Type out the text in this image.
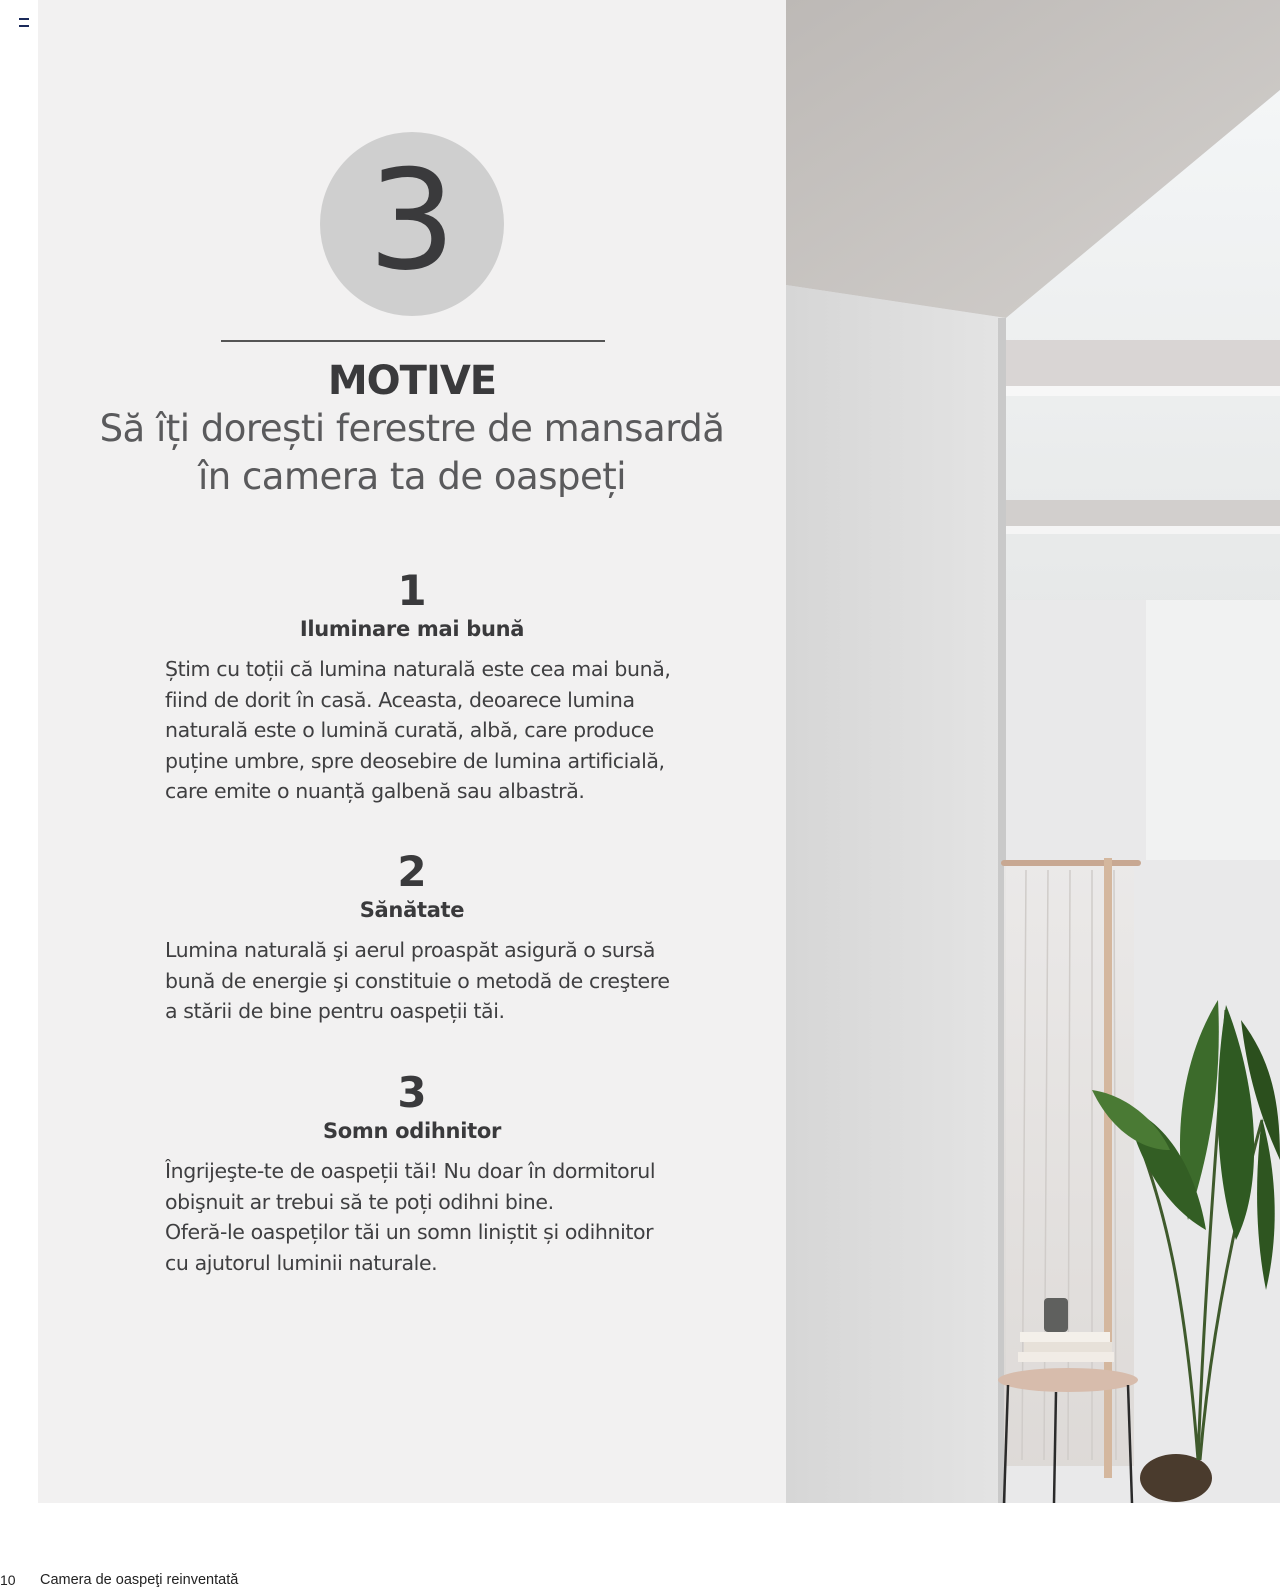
3
MOTIVE
Să îți dorești ferestre de mansardă
în camera ta de oaspeți
1
Iluminare mai bună
Știm cu toții că lumina naturală este cea mai bună,
fiind de dorit în casă. Aceasta, deoarece lumina
naturală este o lumină curată, albă, care produce
puține umbre, spre deosebire de lumina artificială,
care emite o nuanță galbenă sau albastră.
2
Sănătate
Lumina naturală şi aerul proaspăt asigură o sursă
bună de energie şi constituie o metodă de creştere
a stării de bine pentru oaspeții tăi.
3
Somn odihnitor
Îngrijeşte-te de oaspeții tăi! Nu doar în dormitorul
obişnuit ar trebui să te poți odihni bine.
Oferă-le oaspeților tăi un somn liniștit și odihnitor
cu ajutorul luminii naturale.
10 Camera de oaspeţi reinventată
